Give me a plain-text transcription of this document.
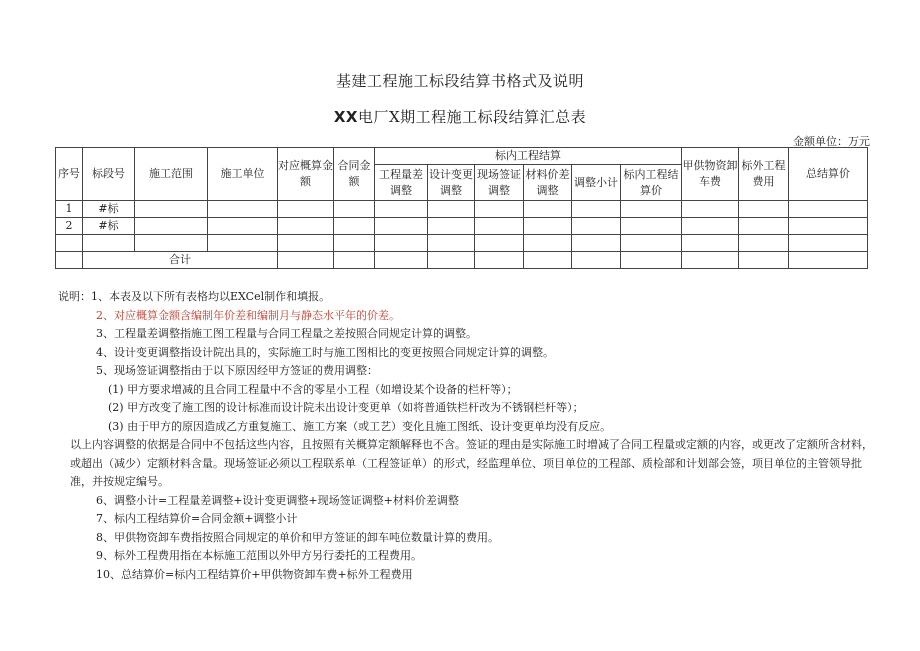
基建工程施工标段结算书格式及说明
XX电厂X期工程施工标段结算汇总表
金额单位：万元
序号	标段号	施工范围	施工单位	对应概算金额	合同金额	标内工程结算						甲供物资卸车费	标外工程费用	总结算价
						工程量差调整	设计变更调整	现场签证调整	材料价差调整	调整小计	标内工程结算价			
1	#标													
2	#标													

	合计													

说明：1、本表及以下所有表格均以EXCel制作和填报。

2、对应概算金额含编制年价差和编制月与静态水平年的价差。

3、工程量差调整指施工图工程量与合同工程量之差按照合同规定计算的调整。

4、设计变更调整指设计院出具的，实际施工时与施工图相比的变更按照合同规定计算的调整。

5、现场签证调整指由于以下原因经甲方签证的费用调整：

(1) 甲方要求增减的且合同工程量中不含的零星小工程（如增设某个设备的栏杆等）；

(2) 甲方改变了施工图的设计标准而设计院未出设计变更单（如将普通铁栏杆改为不锈钢栏杆等）；

(3) 由于甲方的原因造成乙方重复施工、施工方案（或工艺）变化且施工图纸、设计变更单均没有反应。

以上内容调整的依据是合同中不包括这些内容，且按照有关概算定额解释也不含。签证的理由是实际施工时增减了合同工程量或定额的内容，或更改了定额所含材料，或超出（减少）定额材料含量。现场签证必须以工程联系单（工程签证单）的形式，经监理单位、项目单位的工程部、质检部和计划部会签，项目单位的主管领导批准，并按规定编号。

6、调整小计=工程量差调整+设计变更调整+现场签证调整+材料价差调整

7、标内工程结算价=合同金额+调整小计

8、甲供物资卸车费指按照合同规定的单价和甲方签证的卸车吨位数量计算的费用。

9、标外工程费用指在本标施工范围以外甲方另行委托的工程费用。

10、总结算价=标内工程结算价+甲供物资卸车费+标外工程费用
